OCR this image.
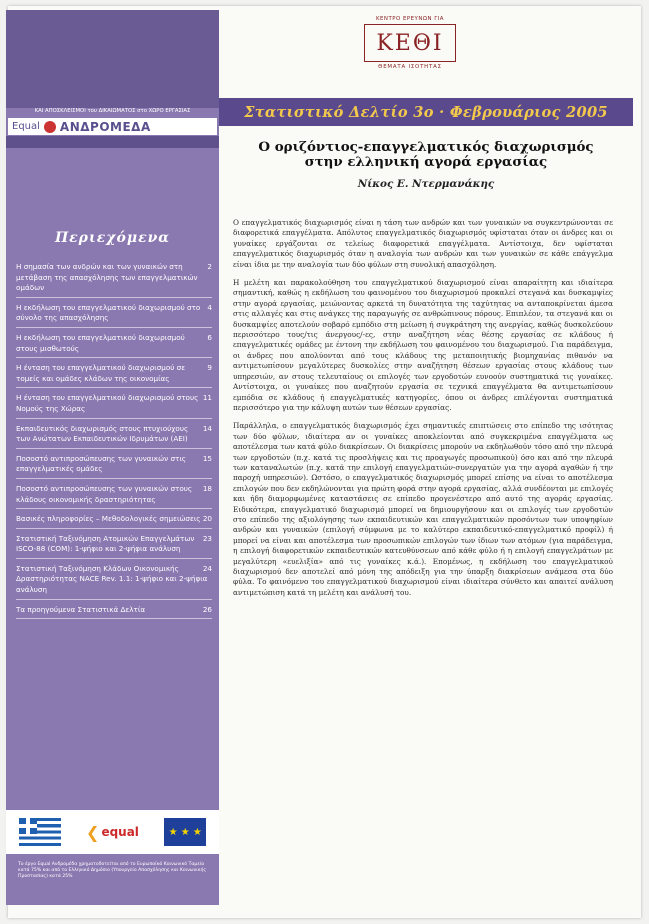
ΚΑΙ ΑΠΟΣΚΛΕΙΣΜΟΙ του ΔΙΚΑΙΩΜΑΤΟΣ στο ΧΩΡΟ ΕΡΓΑΣΙΑΣ
Equal ΑΝΔΡΟΜΕΔΑ
Περιεχόμενα
2
Η σημασία των ανδρών και των γυναικών στη μετάβαση της απασχόλησης των επαγγελματικών ομάδων
4
Η εκδήλωση του επαγγελματικού διαχωρισμού στο σύνολο της απασχόλησης
6
Η εκδήλωση του επαγγελματικού διαχωρισμού στους μισθωτούς
9
Η ένταση του επαγγελματικού διαχωρισμού σε τομείς και ομάδες κλάδων της οικονομίας
11
Η ένταση του επαγγελματικού διαχωρισμού στους Νομούς της Χώρας
14
Εκπαιδευτικός διαχωρισμός στους πτυχιούχους των Ανώτατων Εκπαιδευτικών Ιδρυμάτων (ΑΕΙ)
15
Ποσοστό αντιπροσώπευσης των γυναικών στις επαγγελματικές ομάδες
18
Ποσοστό αντιπροσώπευσης των γυναικών στους κλάδους οικονομικής δραστηριότητας
20
Βασικές πληροφορίες – Μεθοδολογικές σημειώσεις
23
Στατιστική Ταξινόμηση Ατομικών Επαγγελμάτων ISCO-88 (COM): 1-ψήφιο και 2-ψήφια ανάλυση
24
Στατιστική Ταξινόμηση Κλάδων Οικονομικής Δραστηριότητας NACE Rev. 1.1: 1-ψήφιο και 2-ψήφια ανάλυση
26
Τα προηγούμενα Στατιστικά Δελτία
❮ equal	★ ★ ★
Το έργο Equal Ανδρομέδα χρηματοδοτείται από το Ευρωπαϊκό Κοινωνικό Ταμείο κατά 75% και από το Ελληνικό Δημόσιο (Υπουργείο Απασχόλησης και Κοινωνικής Προστασίας) κατά 25%
ΚΕΝΤΡΟ ΕΡΕΥΝΩΝ ΓΙΑ
ΚΕΘΙ
ΘΕΜΑΤΑ ΙΣΟΤΗΤΑΣ
Στατιστικό Δελτίο 3ο · Φεβρουάριος 2005
Ο οριζόντιος-επαγγελματικός διαχωρισμός
στην ελληνική αγορά εργασίας
Νίκος Ε. Ντερμανάκης

Ο επαγγελματικός διαχωρισμός είναι η τάση των ανδρών και των γυναικών να συγκεντρώνονται σε διαφορετικά επαγγέλματα. Απόλυτος επαγγελματικός διαχωρισμός υφίσταται όταν οι άνδρες και οι γυναίκες εργάζονται σε τελείως διαφορετικά επαγγέλματα. Αντίστοιχα, δεν υφίσταται επαγγελματικός διαχωρισμός όταν η αναλογία των ανδρών και των γυναικών σε κάθε επάγγελμα είναι ίδια με την αναλογία των δύο φύλων στη συνολική απασχόληση.

Η μελέτη και παρακολούθηση του επαγγελματικού διαχωρισμού είναι απαραίτητη και ιδιαίτερα σημαντική, καθώς η εκδήλωση του φαινομένου του διαχωρισμού προκαλεί στεγανά και δυσκαμψίες στην αγορά εργασίας, μειώνοντας αρκετά τη δυνατότητα της ταχύτητας να ανταποκρίνεται άμεσα στις αλλαγές και στις ανάγκες της παραγωγής σε ανθρώπινους πόρους. Επιπλέον, τα στεγανά και οι δυσκαμψίες αποτελούν σοβαρό εμπόδιο στη μείωση ή συγκράτηση της ανεργίας, καθώς δυσκολεύουν περισσότερο τους/τις άνεργους/-ες, στην αναζήτηση νέας θέσης εργασίας σε κλάδους ή επαγγελματικές ομάδες με έντονη την εκδήλωση του φαινομένου του διαχωρισμού. Για παράδειγμα, οι άνδρες που απολύονται από τους κλάδους της μεταποιητικής βιομηχανίας πιθανόν να αντιμετωπίσουν μεγαλύτερες δυσκολίες στην αναζήτηση θέσεων εργασίας στους κλάδους των υπηρεσιών, αν στους τελευταίους οι επιλογές των εργοδοτών ευνοούν συστηματικά τις γυναίκες. Αντίστοιχα, οι γυναίκες που αναζητούν εργασία σε τεχνικά επαγγέλματα θα αντιμετωπίσουν εμπόδια σε κλάδους ή επαγγελματικές κατηγορίες, όπου οι άνδρες επιλέγονται συστηματικά περισσότερο για την κάλυψη αυτών των θέσεων εργασίας.

Παράλληλα, ο επαγγελματικός διαχωρισμός έχει σημαντικές επιπτώσεις στο επίπεδο της ισότητας των δύο φύλων, ιδιαίτερα αν οι γυναίκες αποκλείονται από συγκεκριμένα επαγγέλματα ως αποτέλεσμα των κατά φύλο διακρίσεων. Οι διακρίσεις μπορούν να εκδηλωθούν τόσο από την πλευρά των εργοδοτών (π.χ. κατά τις προσλήψεις και τις προαγωγές προσωπικού) όσο και από την πλευρά των καταναλωτών (π.χ. κατά την επιλογή επαγγελματιών-συνεργατών για την αγορά αγαθών ή την παροχή υπηρεσιών). Ωστόσο, ο επαγγελματικός διαχωρισμός μπορεί επίσης να είναι το αποτέλεσμα επιλογών που δεν εκδηλώνονται για πρώτη φορά στην αγορά εργασίας, αλλά συνδέονται με επιλογές και ήδη διαμορφωμένες καταστάσεις σε επίπεδο προγενέστερο από αυτό της αγοράς εργασίας. Ειδικότερα, επαγγελματικό διαχωρισμό μπορεί να δημιουργήσουν και οι επιλογές των εργοδοτών στο επίπεδο της αξιολόγησης των εκπαιδευτικών και επαγγελματικών προσόντων των υποψηφίων ανδρών και γυναικών (επιλογή σύμφωνα με το καλύτερο εκπαιδευτικό-επαγγελματικό προφίλ) ή μπορεί να είναι και αποτέλεσμα των προσωπικών επιλογών των ίδιων των ατόμων (για παράδειγμα, η επιλογή διαφορετικών εκπαιδευτικών κατευθύνσεων από κάθε φύλο ή η επιλογή επαγγελμάτων με μεγαλύτερη «ευελιξία» από τις γυναίκες κ.ά.). Επομένως, η εκδήλωση του επαγγελματικού διαχωρισμού δεν αποτελεί από μόνη της απόδειξη για την ύπαρξη διακρίσεων ανάμεσα στα δύο φύλα. Το φαινόμενο του επαγγελματικού διαχωρισμού είναι ιδιαίτερα σύνθετο και απαιτεί ανάλυση αντιμετώπιση κατά τη μελέτη και ανάλυσή του.
